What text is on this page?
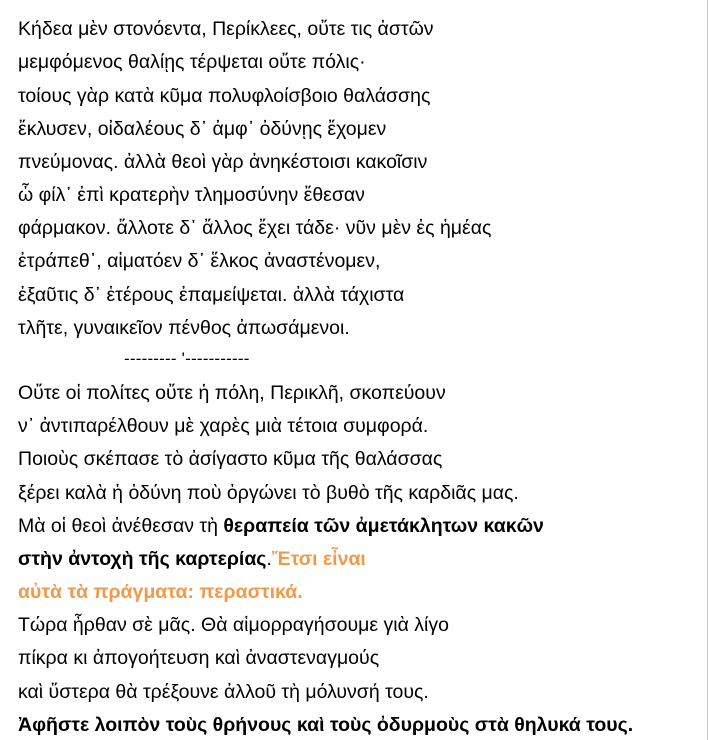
Κήδεα μὲν στονόεντα, Περίκλεες, οὔτε τις ἀστῶν
μεμφόμενος θαλίῃς τέρψεται οὔτε πόλις·
τοίους γὰρ κατὰ κῦμα πολυφλοίσβοιο θαλάσσης
ἔκλυσεν, οἰδαλέους δ᾽ ἀμφ᾽ ὀδύνῃς ἔχομεν
πνεύμονας. ἀλλὰ θεοὶ γὰρ ἀνηκέστοισι κακοῖσιν
ὦ φίλ᾽ ἐπὶ κρατερὴν τλημοσύνην ἔθεσαν
φάρμακον. ἄλλοτε δ᾽ ἄλλος ἔχει τάδε· νῦν μὲν ἐς ἡμέας
ἐτράπεθ᾽, αἱματόεν δ᾽ ἕλκος ἀναστένομεν,
ἐξαῦτις δ᾽ ἑτέρους ἐπαμείψεται. ἀλλὰ τάχιστα
τλῆτε, γυναικεῖον πένθος ἀπωσάμενοι.
--------- '-----------
Οὔτε οἱ πολίτες οὔτε ἡ πόλη, Περικλῆ, σκοπεύουν
ν᾽ ἀντιπαρέλθουν μὲ χαρὲς μιὰ τέτοια συμφορά.
Ποιοὺς σκέπασε τὸ ἀσίγαστο κῦμα τῆς θαλάσσας
ξέρει καλὰ ἡ ὀδύνη ποὺ ὀργώνει τὸ βυθὸ τῆς καρδιᾶς μας.
Μὰ οἱ θεοὶ ἀνέθεσαν τὴ θεραπεία τῶν ἀμετάκλητων κακῶν
στὴν ἀντοχὴ τῆς καρτερίας.Ἔτσι εἶναι
αὐτὰ τὰ πράγματα: περαστικά.
Τώρα ἦρθαν σὲ μᾶς. Θὰ αἱμορραγήσουμε γιὰ λίγο
πίκρα κι ἀπογοήτευση καὶ ἀναστεναγμούς
καὶ ὕστερα θὰ τρέξουνε ἀλλοῦ τὴ μόλυνσή τους.
Ἀφῆστε λοιπὸν τοὺς θρήνους καὶ τοὺς ὀδυρμοὺς στὰ θηλυκά τους.
